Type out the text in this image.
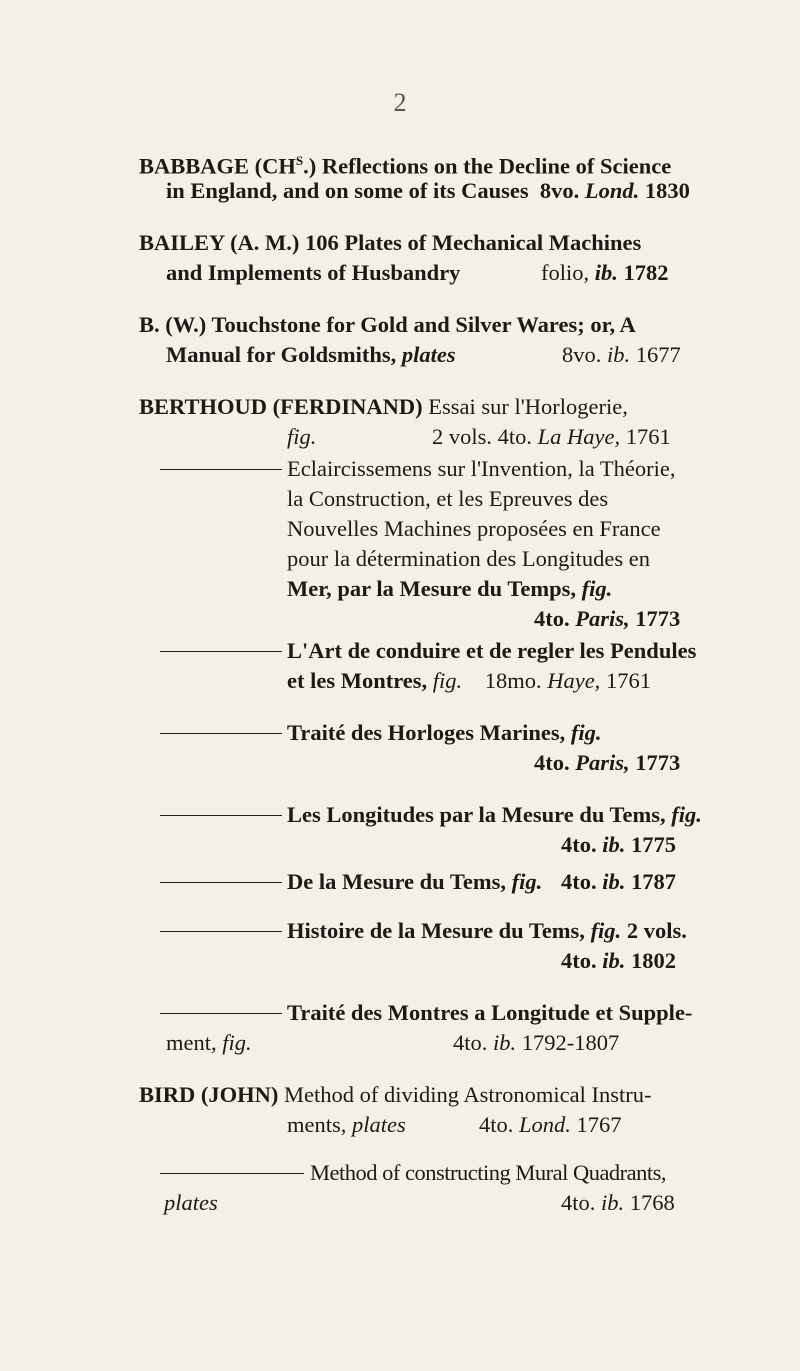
2
BABBAGE $(CH^S.)$ Reflections on the Decline of Science
in England, and on some of its Causes 8vo. Lond. 1830
BAILEY (A. M.) 106 Plates of Mechanical Machines
and Implements of Husbandry	folio, ib. 1782
B. (W.) Touchstone for Gold and Silver Wares; or, A
Manual for Goldsmiths, plates	8vo. ib. 1677
BERTHOUD (FERDINAND) Essai sur l'Horlogerie,
fig.	2 vols. 4to. La Haye, 1761
Eclaircissemens sur l'Invention, la Théorie,
la Construction, et les Epreuves des
Nouvelles Machines proposées en France
pour la détermination des Longitudes en
Mer, par la Mesure du Temps, fig.
4to. Paris, 1773
L'Art de conduire et de regler les Pendules
et les Montres, fig. 18mo. Haye, 1761
Traité des Horloges Marines, fig.
4to. Paris, 1773
Les Longitudes par la Mesure du Tems, fig.
4to. ib. 1775
De la Mesure du Tems, fig. 4to. ib. 1787
Histoire de la Mesure du Tems, fig. 2 vols.
4to. ib. 1802
Traité des Montres a Longitude et Supple-
ment, fig.	4to. ib. 1792-1807
BIRD (JOHN) Method of dividing Astronomical Instru-
ments, plates	4to. Lond. 1767
Method of constructing Mural Quadrants,
plates	4to. ib. 1768
